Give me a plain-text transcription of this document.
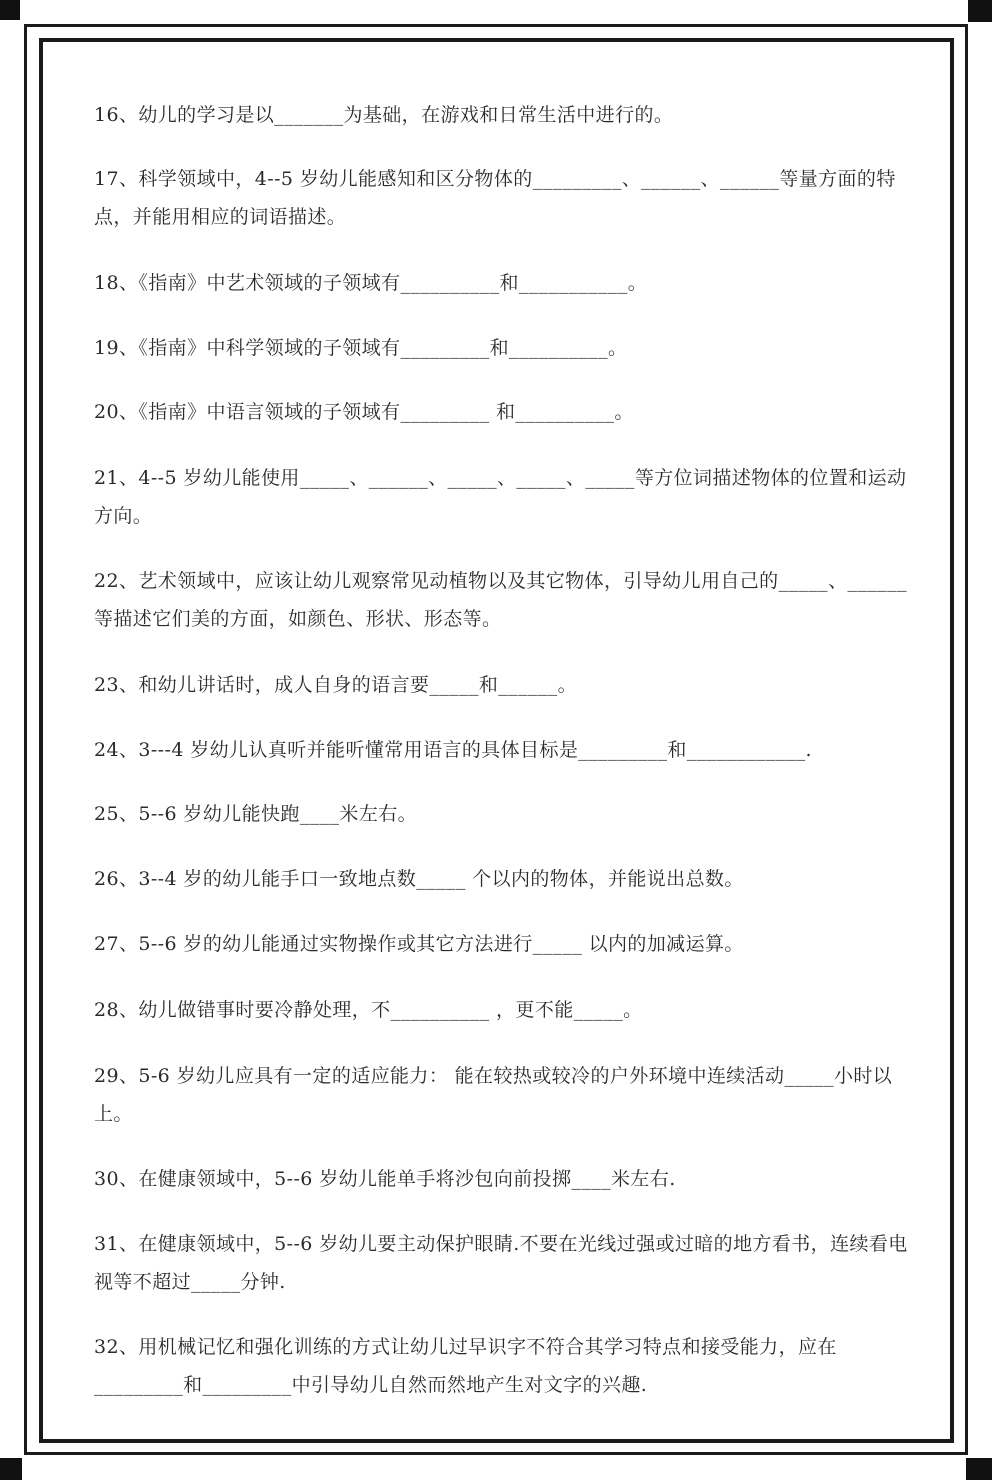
16、幼儿的学习是以_______为基础，在游戏和日常生活中进行的。

17、科学领域中，4--5 岁幼儿能感知和区分物体的_________、______、______等量方面的特点，并能用相应的词语描述。

18、《指南》中艺术领域的子领域有__________和___________。

19、《指南》中科学领域的子领域有_________和__________。

20、《指南》中语言领域的子领域有_________ 和__________。

21、4--5 岁幼儿能使用_____、______、_____、_____、_____等方位词描述物体的位置和运动方向。

22、艺术领域中，应该让幼儿观察常见动植物以及其它物体，引导幼儿用自己的_____、______等描述它们美的方面，如颜色、形状、形态等。

23、和幼儿讲话时，成人自身的语言要_____和______。

24、3---4 岁幼儿认真听并能听懂常用语言的具体目标是_________和____________.

25、5--6 岁幼儿能快跑____米左右。

26、3--4 岁的幼儿能手口一致地点数_____ 个以内的物体，并能说出总数。

27、5--6 岁的幼儿能通过实物操作或其它方法进行_____ 以内的加减运算。

28、幼儿做错事时要冷静处理，不__________ ，更不能_____。

29、5-6 岁幼儿应具有一定的适应能力： 能在较热或较冷的户外环境中连续活动_____小时以上。

30、在健康领域中，5--6 岁幼儿能单手将沙包向前投掷____米左右.

31、在健康领域中，5--6 岁幼儿要主动保护眼睛.不要在光线过强或过暗的地方看书，连续看电视等不超过_____分钟.

32、用机械记忆和强化训练的方式让幼儿过早识字不符合其学习特点和接受能力，应在_________和_________中引导幼儿自然而然地产生对文字的兴趣.
